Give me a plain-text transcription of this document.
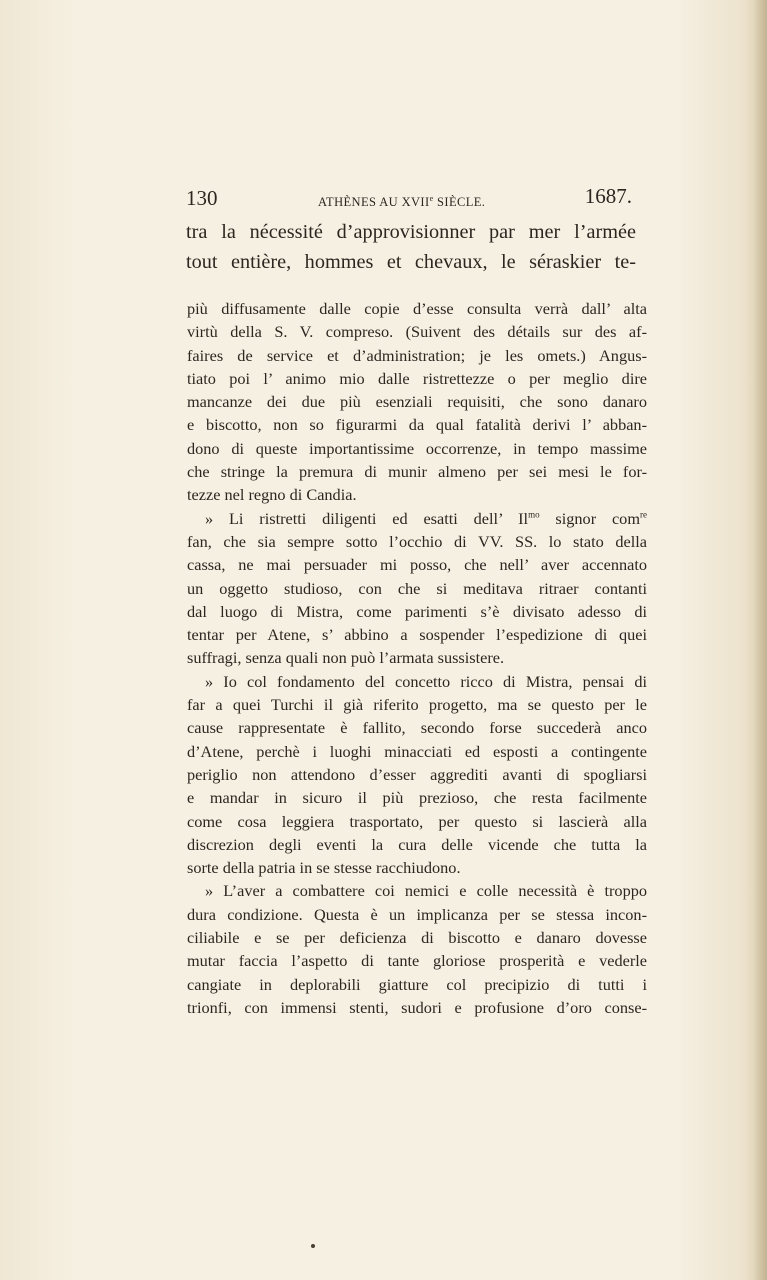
130	ATHÈNES AU XVIIe SIÈCLE.	1687.
tra la nécessité d’approvisionner par mer l’armée
tout entière, hommes et chevaux, le séraskier te-
più diffusamente dalle copie d’esse consulta verrà dall’ alta
virtù della S. V. compreso. (Suivent des détails sur des af-
faires de service et d’administration; je les omets.) Angus-
tiato poi l’ animo mio dalle ristrettezze o per meglio dire
mancanze dei due più esenziali requisiti, che sono danaro
e biscotto, non so figurarmi da qual fatalità derivi l’ abban-
dono di queste importantissime occorrenze, in tempo massime
che stringe la premura di munir almeno per sei mesi le for-
tezze nel regno di Candia.
» Li ristretti diligenti ed esatti dell’ $Il^{mo}$ signor com$^{re}$
fan, che sia sempre sotto l’occhio di VV. SS. lo stato della
cassa, ne mai persuader mi posso, che nell’ aver accennato
un oggetto studioso, con che si meditava ritraer contanti
dal luogo di Mistra, come parimenti s’è divisato adesso di
tentar per Atene, s’ abbino a sospender l’espedizione di quei
suffragi, senza quali non può l’armata sussistere.
» Io col fondamento del concetto ricco di Mistra, pensai di
far a quei Turchi il già riferito progetto, ma se questo per le
cause rappresentate è fallito, secondo forse succederà anco
d’Atene, perchè i luoghi minacciati ed esposti a contingente
periglio non attendono d’esser aggrediti avanti di spogliarsi
e mandar in sicuro il più prezioso, che resta facilmente
come cosa leggiera trasportato, per questo si lascierà alla
discrezion degli eventi la cura delle vicende che tutta la
sorte della patria in se stesse racchiudono.
» L’aver a combattere coi nemici e colle necessità è troppo
dura condizione. Questa è un implicanza per se stessa incon-
ciliabile e se per deficienza di biscotto e danaro dovesse
mutar faccia l’aspetto di tante gloriose prosperità e vederle
cangiate in deplorabili giatture col precipizio di tutti i
trionfi, con immensi stenti, sudori e profusione d’oro conse-
